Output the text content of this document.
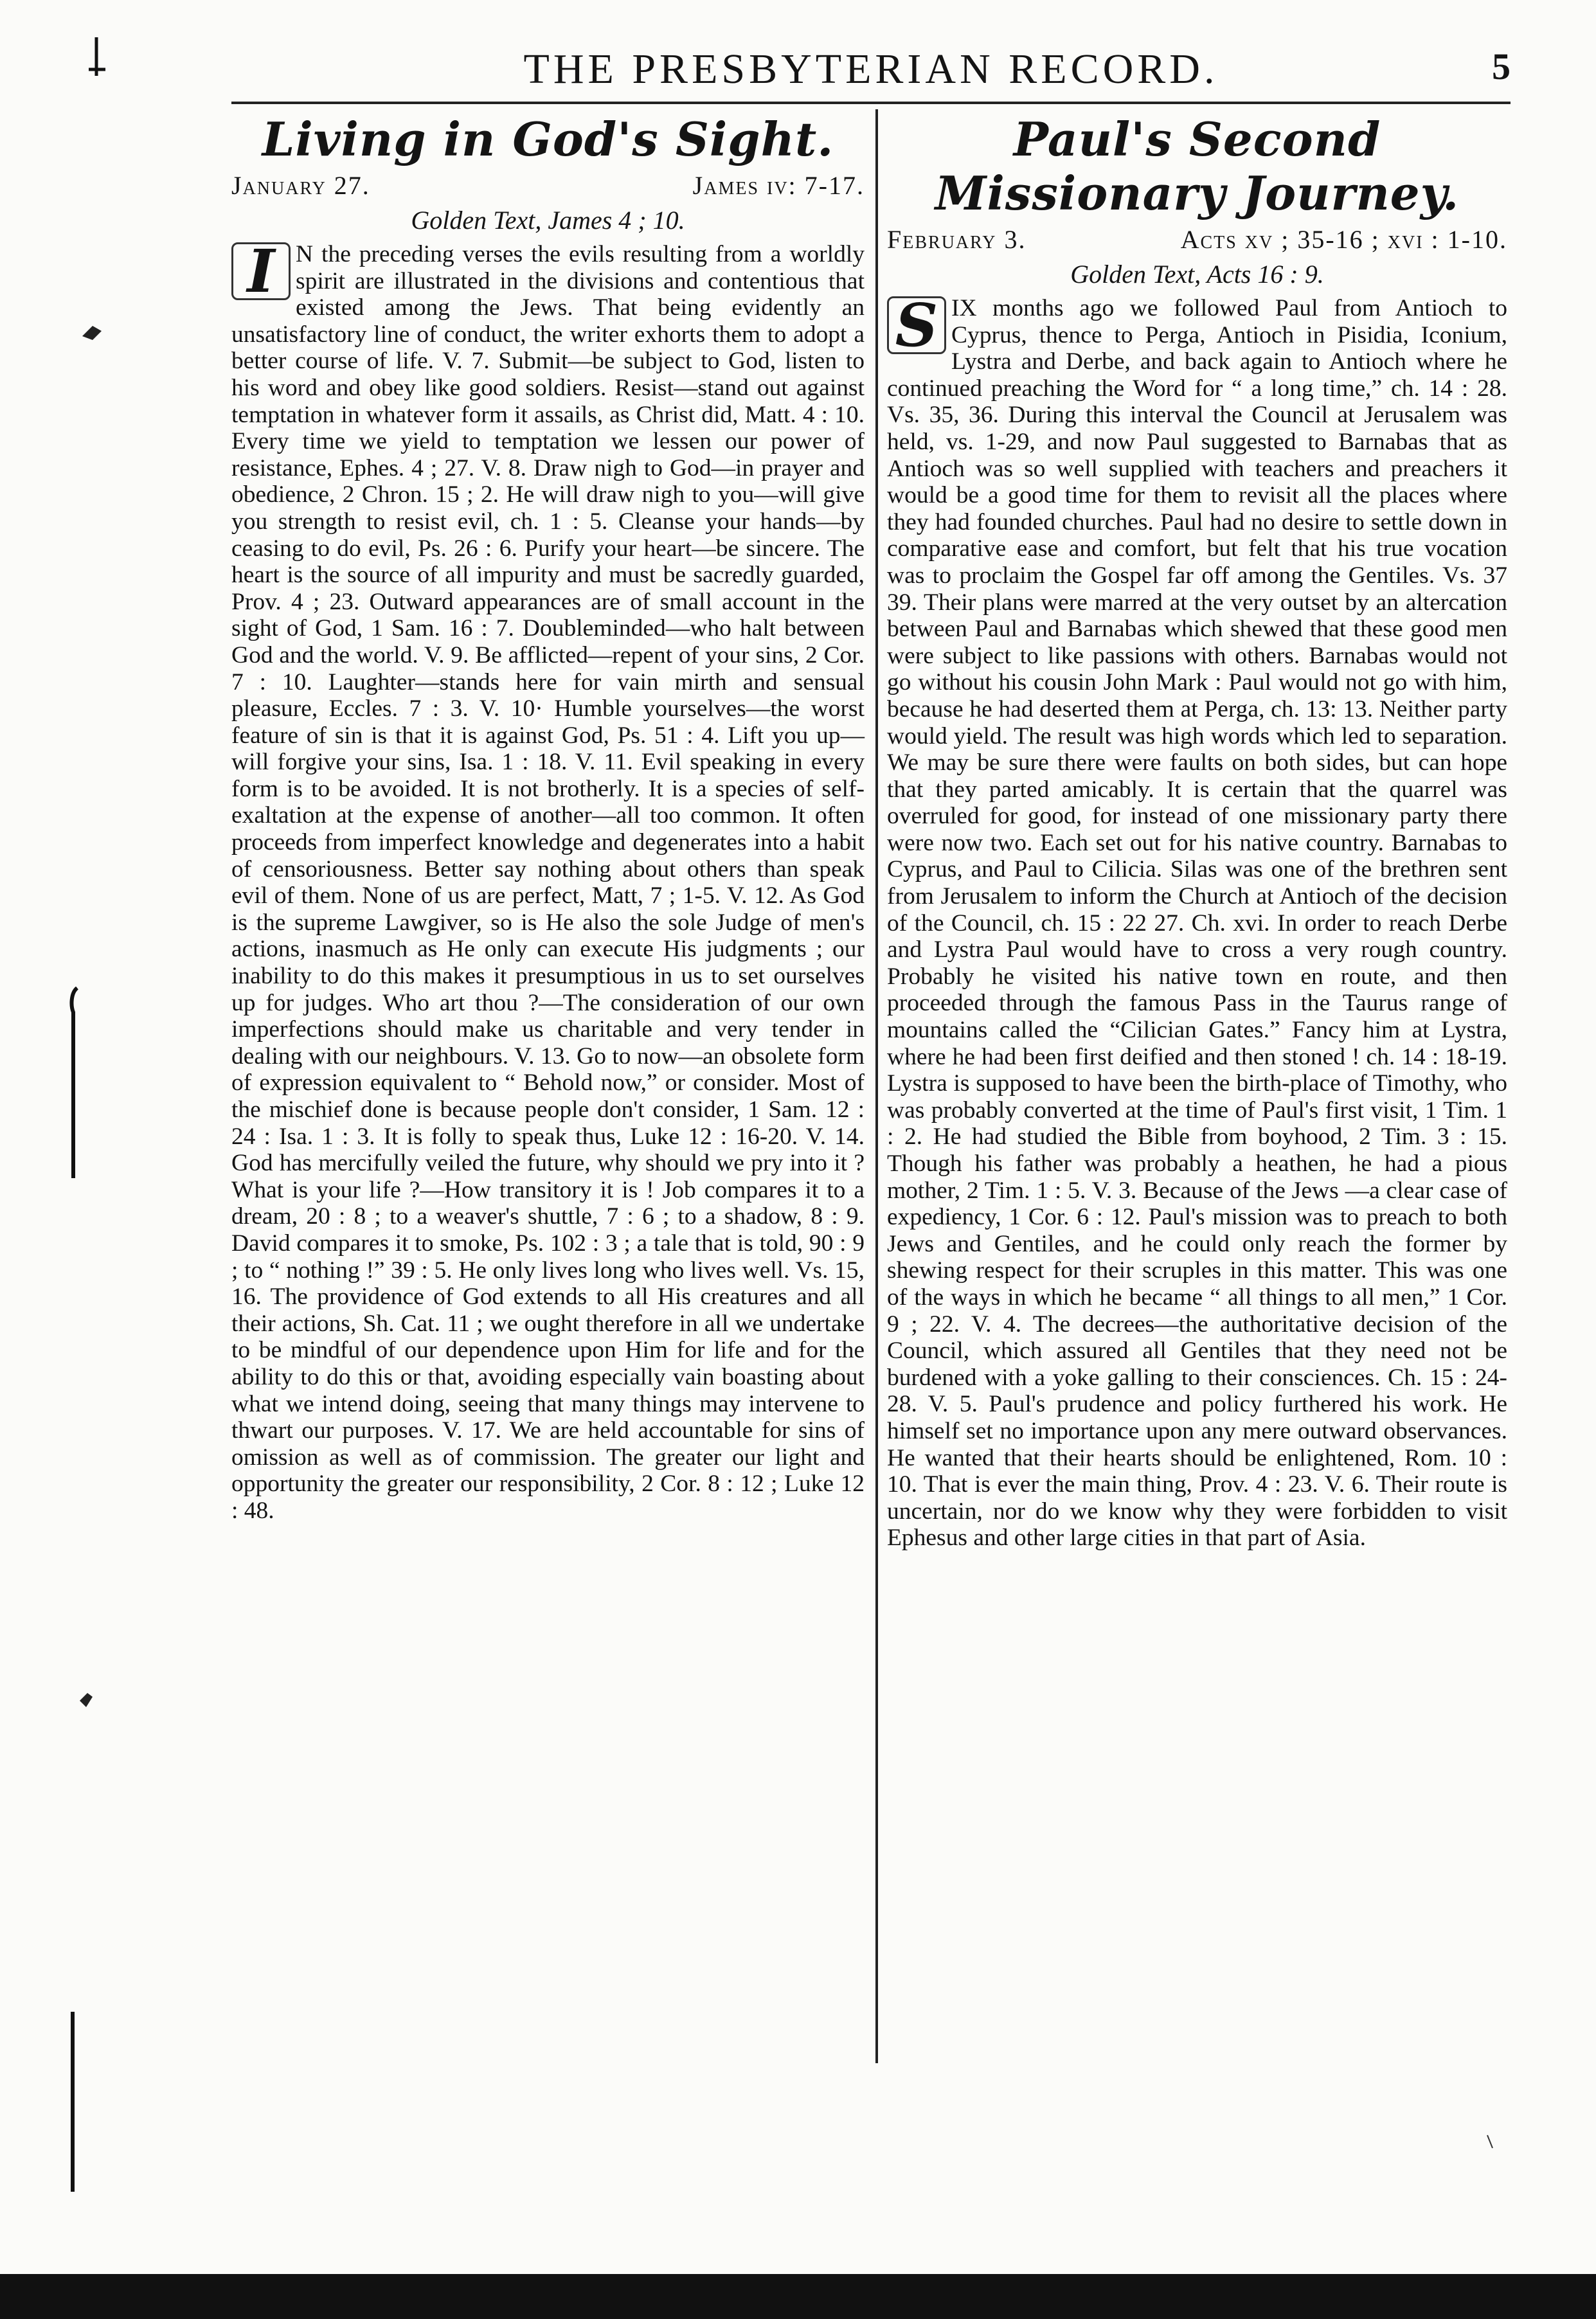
THE PRESBYTERIAN RECORD.	5
Living in God's Sight.
January 27.	James iv: 7-17.
Golden Text, James 4 ; 10.
I N the preceding verses the evils resulting from a worldly spirit are illustrated in the divisions and contentious that existed among the Jews. That being evidently an unsatisfactory line of conduct, the writer exhorts them to adopt a better course of life. V. 7. Submit—be subject to God, listen to his word and obey like good soldiers. Resist—stand out against temptation in whatever form it assails, as Christ did, Matt. 4 : 10. Every time we yield to temptation we lessen our power of resistance, Ephes. 4 ; 27. V. 8. Draw nigh to God—in prayer and obedience, 2 Chron. 15 ; 2. He will draw nigh to you—will give you strength to resist evil, ch. 1 : 5. Cleanse your hands—by ceasing to do evil, Ps. 26 : 6. Purify your heart—be sincere. The heart is the source of all impurity and must be sacredly guarded, Prov. 4 ; 23. Outward appearances are of small account in the sight of God, 1 Sam. 16 : 7. Doubleminded—who halt between God and the world. V. 9. Be afflicted—repent of your sins, 2 Cor. 7 : 10. Laughter—stands here for vain mirth and sensual pleasure, Eccles. 7 : 3. V. 10· Humble yourselves—the worst feature of sin is that it is against God, Ps. 51 : 4. Lift you up—will forgive your sins, Isa. 1 : 18. V. 11. Evil speaking in every form is to be avoided. It is not brotherly. It is a species of self-exaltation at the expense of another—all too common. It often proceeds from imperfect knowledge and degenerates into a habit of censoriousness. Better say nothing about others than speak evil of them. None of us are perfect, Matt, 7 ; 1-5. V. 12. As God is the supreme Lawgiver, so is He also the sole Judge of men's actions, inasmuch as He only can execute His judgments ; our inability to do this makes it presumptious in us to set ourselves up for judges. Who art thou ?—The consideration of our own imperfections should make us charitable and very tender in dealing with our neighbours. V. 13. Go to now—an obsolete form of expression equivalent to “ Behold now,” or consider. Most of the mischief done is because people don't consider, 1 Sam. 12 : 24 : Isa. 1 : 3. It is folly to speak thus, Luke 12 : 16-20. V. 14. God has mercifully veiled the future, why should we pry into it ? What is your life ?—How transitory it is ! Job compares it to a dream, 20 : 8 ; to a weaver's shuttle, 7 : 6 ; to a shadow, 8 : 9. David compares it to smoke, Ps. 102 : 3 ; a tale that is told, 90 : 9 ; to “ nothing !” 39 : 5. He only lives long who lives well. Vs. 15, 16. The providence of God extends to all His creatures and all their actions, Sh. Cat. 11 ; we ought therefore in all we undertake to be mindful of our dependence upon Him for life and for the ability to do this or that, avoiding especially vain boasting about what we intend doing, seeing that many things may intervene to thwart our purposes. V. 17. We are held accountable for sins of omission as well as of commission. The greater our light and opportunity the greater our responsibility, 2 Cor. 8 : 12 ; Luke 12 : 48.

Paul's Second Missionary Journey.
February 3.	Acts xv ; 35-16 ; xvi : 1-10.
Golden Text, Acts 16 : 9.
S IX months ago we followed Paul from Antioch to Cyprus, thence to Perga, Antioch in Pisidia, Iconium, Lystra and Derbe, and back again to Antioch where he continued preaching the Word for “ a long time,” ch. 14 : 28. Vs. 35, 36. During this interval the Council at Jerusalem was held, vs. 1-29, and now Paul suggested to Barnabas that as Antioch was so well supplied with teachers and preachers it would be a good time for them to revisit all the places where they had founded churches. Paul had no desire to settle down in comparative ease and comfort, but felt that his true vocation was to proclaim the Gospel far off among the Gentiles. Vs. 37 39. Their plans were marred at the very outset by an altercation between Paul and Barnabas which shewed that these good men were subject to like passions with others. Barnabas would not go without his cousin John Mark : Paul would not go with him, because he had deserted them at Perga, ch. 13: 13. Neither party would yield. The result was high words which led to separation. We may be sure there were faults on both sides, but can hope that they parted amicably. It is certain that the quarrel was overruled for good, for instead of one missionary party there were now two. Each set out for his native country. Barnabas to Cyprus, and Paul to Cilicia. Silas was one of the brethren sent from Jerusalem to inform the Church at Antioch of the decision of the Council, ch. 15 : 22 27. Ch. xvi. In order to reach Derbe and Lystra Paul would have to cross a very rough country. Probably he visited his native town en route, and then proceeded through the famous Pass in the Taurus range of mountains called the “Cilician Gates.” Fancy him at Lystra, where he had been first deified and then stoned ! ch. 14 : 18-19. Lystra is supposed to have been the birth-place of Timothy, who was probably converted at the time of Paul's first visit, 1 Tim. 1 : 2. He had studied the Bible from boyhood, 2 Tim. 3 : 15. Though his father was probably a heathen, he had a pious mother, 2 Tim. 1 : 5. V. 3. Because of the Jews —a clear case of expediency, 1 Cor. 6 : 12. Paul's mission was to preach to both Jews and Gentiles, and he could only reach the former by shewing respect for their scruples in this matter. This was one of the ways in which he became “ all things to all men,” 1 Cor. 9 ; 22. V. 4. The decrees—the authoritative decision of the Council, which assured all Gentiles that they need not be burdened with a yoke galling to their consciences. Ch. 15 : 24-28. V. 5. Paul's prudence and policy furthered his work. He himself set no importance upon any mere outward observances. He wanted that their hearts should be enlightened, Rom. 10 : 10. That is ever the main thing, Prov. 4 : 23. V. 6. Their route is uncertain, nor do we know why they were forbidden to visit Ephesus and other large cities in that part of Asia.
